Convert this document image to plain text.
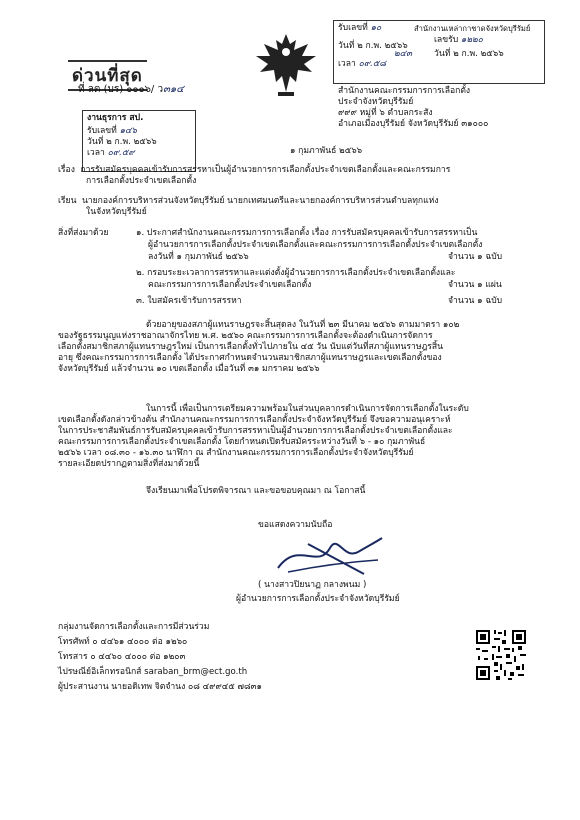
ด่วนที่สุด
ที่ ลต (บร) ๐๐๐๖/ ว๓๑๔
งานธุรการ สป.
รับเลขที่ ๑๔๖
วันที่ ๒ ก.พ. ๒๕๖๖
เวลา ๐๙.๕๙
สำนักงานเหล่ากาชาดจังหวัดบุรีรัมย์
รับเลขที่ ๑๐
วันที่ ๒ ก.พ. ๒๕๖๖
เวลา ๐๙.๕๘
เลขรับ ๑๒๒๐
วันที่ ๒ ก.พ. ๒๕๖๖
๒๔๓
สำนักงานคณะกรรมการการเลือกตั้ง
ประจำจังหวัดบุรีรัมย์
๙๙๙ หมู่ที่ ๖ ตำบลกระสัง
อำเภอเมืองบุรีรัมย์ จังหวัดบุรีรัมย์ ๓๑๐๐๐
๑ กุมภาพันธ์ ๒๕๖๖
เรื่อง การรับสมัครบุคคลเข้ารับการสรรหาเป็นผู้อำนวยการการเลือกตั้งประจำเขตเลือกตั้งและคณะกรรมการ
การเลือกตั้งประจำเขตเลือกตั้ง
เรียน นายกองค์การบริหารส่วนจังหวัดบุรีรัมย์ นายกเทศมนตรีและนายกองค์การบริหารส่วนตำบลทุกแห่ง
ในจังหวัดบุรีรัมย์
สิ่งที่ส่งมาด้วย	๑. ประกาศสำนักงานคณะกรรมการการเลือกตั้ง เรื่อง การรับสมัครบุคคลเข้ารับการสรรหาเป็น
ผู้อำนวยการการเลือกตั้งประจำเขตเลือกตั้งและคณะกรรมการการเลือกตั้งประจำเขตเลือกตั้ง
ลงวันที่ ๑ กุมภาพันธ์ ๒๕๖๖	จำนวน ๑ ฉบับ
๒. กรอบระยะเวลาการสรรหาและแต่งตั้งผู้อำนวยการการเลือกตั้งประจำเขตเลือกตั้งและ
คณะกรรมการการเลือกตั้งประจำเขตเลือกตั้ง	จำนวน ๑ แผ่น
๓. ใบสมัครเข้ารับการสรรหา	จำนวน ๑ ฉบับ
ด้วยอายุของสภาผู้แทนราษฎรจะสิ้นสุดลง ในวันที่ ๒๓ มีนาคม ๒๕๖๖ ตามมาตรา ๑๐๒
ของรัฐธรรมนูญแห่งราชอาณาจักรไทย พ.ศ. ๒๕๖๐ คณะกรรมการการเลือกตั้งจะต้องดำเนินการจัดการ
เลือกตั้งสมาชิกสภาผู้แทนราษฎรใหม่ เป็นการเลือกตั้งทั่วไปภายใน ๔๕ วัน นับแต่วันที่สภาผู้แทนราษฎรสิ้น
อายุ ซึ่งคณะกรรมการการเลือกตั้ง ได้ประกาศกำหนดจำนวนสมาชิกสภาผู้แทนราษฎรและเขตเลือกตั้งของ
จังหวัดบุรีรัมย์ แล้วจำนวน ๑๐ เขตเลือกตั้ง เมื่อวันที่ ๓๑ มกราคม ๒๕๖๖
ในการนี้ เพื่อเป็นการเตรียมความพร้อมในส่วนบุคลากรดำเนินการจัดการเลือกตั้งในระดับ
เขตเลือกตั้งดังกล่าวข้างต้น สำนักงานคณะกรรมการการเลือกตั้งประจำจังหวัดบุรีรัมย์ จึงขอความอนุเคราะห์
ในการประชาสัมพันธ์การรับสมัครบุคคลเข้ารับการสรรหาเป็นผู้อำนวยการการเลือกตั้งประจำเขตเลือกตั้งและ
คณะกรรมการการเลือกตั้งประจำเขตเลือกตั้ง โดยกำหนดเปิดรับสมัครระหว่างวันที่ ๖ - ๑๐ กุมภาพันธ์
๒๕๖๖ เวลา ๐๘.๓๐ - ๑๖.๓๐ นาฬิกา ณ สำนักงานคณะกรรมการการเลือกตั้งประจำจังหวัดบุรีรัมย์
รายละเอียดปรากฏตามสิ่งที่ส่งมาด้วยนี้
จึงเรียนมาเพื่อโปรดพิจารณา และขอขอบคุณมา ณ โอกาสนี้
ขอแสดงความนับถือ
( นางสาวปิยนาฏ กลางพนม )
ผู้อำนวยการการเลือกตั้งประจำจังหวัดบุรีรัมย์
กลุ่มงานจัดการเลือกตั้งและการมีส่วนร่วม
โทรศัพท์ ๐ ๔๔๖๑ ๔๐๐๐ ต่อ ๑๒๖๐
โทรสาร ๐ ๔๔๖๐ ๔๐๐๐ ต่อ ๑๒๐๓
ไปรษณีย์อิเล็กทรอนิกส์ saraban_brm@ect.go.th
ผู้ประสานงาน นายอดิเทพ จิตจำนง ๐๘ ๔๙๙๔๕ ๗๘๓๑
